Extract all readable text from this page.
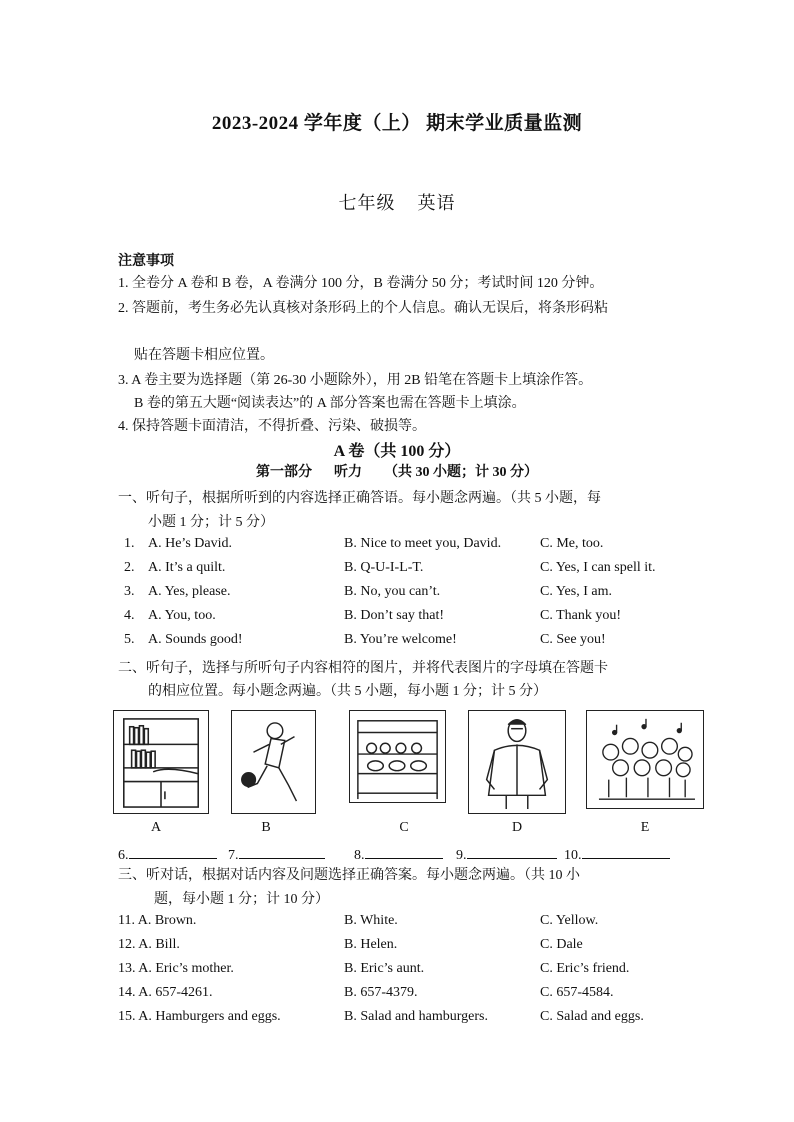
2023-2024 学年度（上） 期末学业质量监测
七年级 英语
注意事项
1. 全卷分 A 卷和 B 卷，A 卷满分 100 分，B 卷满分 50 分；考试时间 120 分钟。
2. 答题前，考生务必先认真核对条形码上的个人信息。确认无误后，将条形码粘
贴在答题卡相应位置。
3. A 卷主要为选择题（第 26-30 小题除外），用 2B 铅笔在答题卡上填涂作答。
B 卷的第五大题“阅读表达”的 A 部分答案也需在答题卡上填涂。
4. 保持答题卡面清洁，不得折叠、污染、破损等。
A 卷（共 100 分）
第一部分 听力 （共 30 小题；计 30 分）
一、听句子，根据所听到的内容选择正确答语。每小题念两遍。（共 5 小题，每
小题 1 分；计 5 分）
1. A. He’s David.	B. Nice to meet you, David.	C. Me, too.
2. A. It’s a quilt.	B. Q-U-I-L-T.	C. Yes, I can spell it.
3. A. Yes, please.	B. No, you can’t.	C. Yes, I am.
4. A. You, too.	B. Don’t say that!	C. Thank you!
5. A. Sounds good!	B. You’re welcome!	C. See you!
二、听句子，选择与所听句子内容相符的图片，并将代表图片的字母填在答题卡
的相应位置。每小题念两遍。（共 5 小题，每小题 1 分；计 5 分）
A	B	C	D	E
6.	7.	8.	9.	10.
三、听对话，根据对话内容及问题选择正确答案。每小题念两遍。（共 10 小
题，每小题 1 分；计 10 分）
11. A. Brown.	B. White.	C. Yellow.
12. A. Bill.	B. Helen.	C. Dale
13. A. Eric’s mother.	B. Eric’s aunt.	C. Eric’s friend.
14. A. 657-4261.	B. 657-4379.	C. 657-4584.
15. A. Hamburgers and eggs.	B. Salad and hamburgers.	C. Salad and eggs.
